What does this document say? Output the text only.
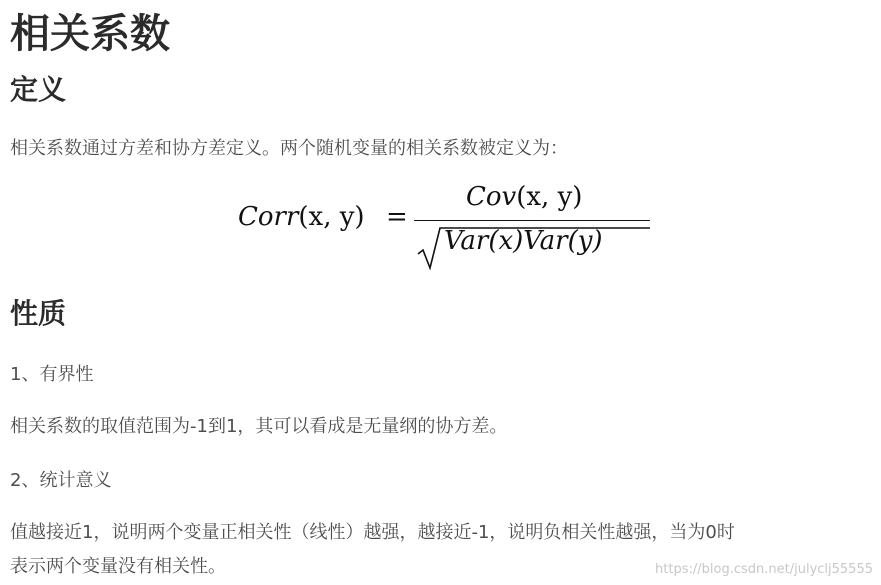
相关系数
定义

相关系数通过方差和协方差定义。两个随机变量的相关系数被定义为：

Corr(x, y) =
Cov(x, y)
Var(x)Var(y)
性质

1、有界性

相关系数的取值范围为-1到1，其可以看成是无量纲的协方差。

2、统计意义

值越接近1，说明两个变量正相关性（线性）越强，越接近-1，说明负相关性越强，当为0时

表示两个变量没有相关性。	https://blog.csdn.net/julyclj55555
